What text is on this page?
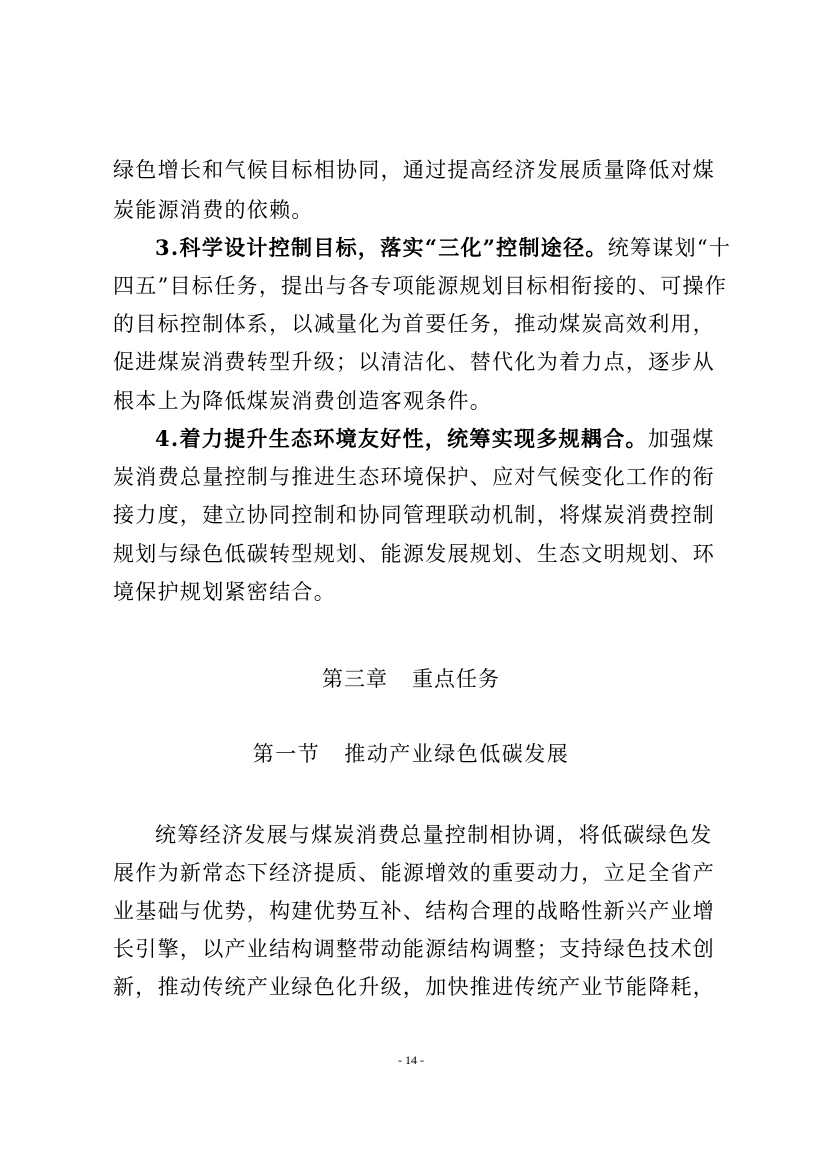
绿色增长和气候目标相协同，通过提高经济发展质量降低对煤
炭能源消费的依赖。
3.科学设计控制目标，落实“三化”控制途径。统筹谋划“十
四五”目标任务，提出与各专项能源规划目标相衔接的、可操作
的目标控制体系，以减量化为首要任务，推动煤炭高效利用，
促进煤炭消费转型升级；以清洁化、替代化为着力点，逐步从
根本上为降低煤炭消费创造客观条件。
4.着力提升生态环境友好性，统筹实现多规耦合。加强煤
炭消费总量控制与推进生态环境保护、应对气候变化工作的衔
接力度，建立协同控制和协同管理联动机制，将煤炭消费控制
规划与绿色低碳转型规划、能源发展规划、生态文明规划、环
境保护规划紧密结合。
第三章 重点任务
第一节 推动产业绿色低碳发展
统筹经济发展与煤炭消费总量控制相协调，将低碳绿色发
展作为新常态下经济提质、能源增效的重要动力，立足全省产
业基础与优势，构建优势互补、结构合理的战略性新兴产业增
长引擎，以产业结构调整带动能源结构调整；支持绿色技术创
新，推动传统产业绿色化升级，加快推进传统产业节能降耗，
- 14 -
